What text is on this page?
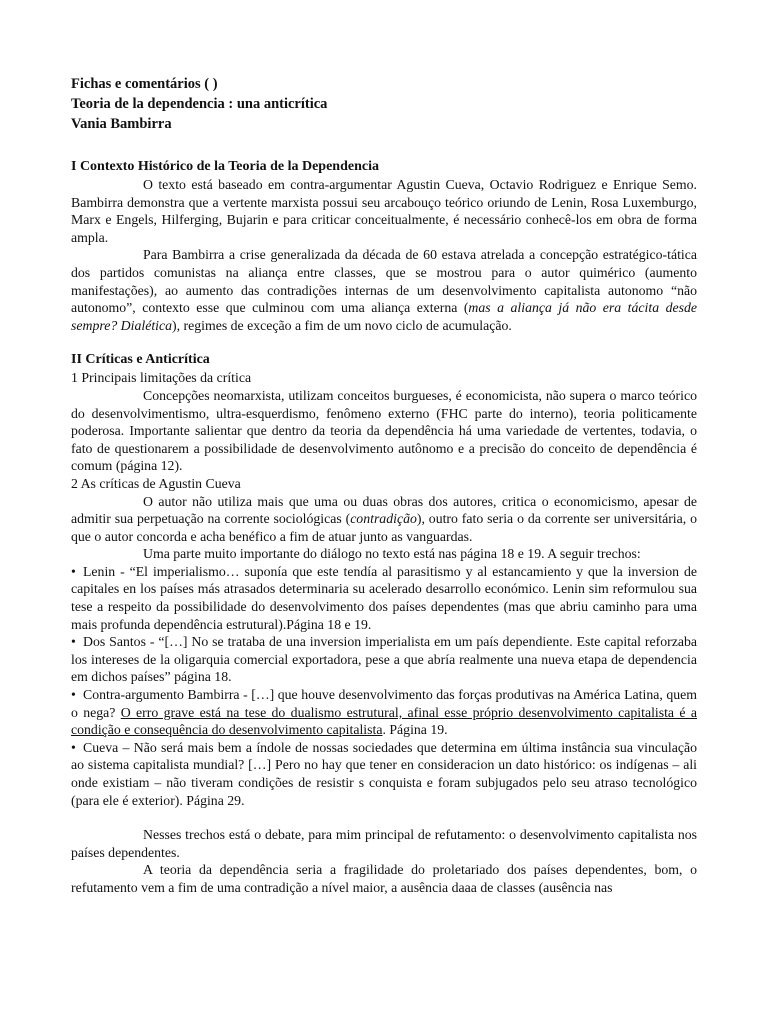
Fichas e comentários ( )
Teoria de la dependencia : una anticrítica
Vania Bambirra
I Contexto Histórico de la Teoria de la Dependencia

O texto está baseado em contra-argumentar Agustin Cueva, Octavio Rodriguez e Enrique Semo. Bambirra demonstra que a vertente marxista possui seu arcabouço teórico oriundo de Lenin, Rosa Luxemburgo, Marx e Engels, Hilferging, Bujarin e para criticar conceitualmente, é necessário conhecê-los em obra de forma ampla.

Para Bambirra a crise generalizada da década de 60 estava atrelada a concepção estratégico-tática dos partidos comunistas na aliança entre classes, que se mostrou para o autor quimérico (aumento manifestações), ao aumento das contradições internas de um desenvolvimento capitalista autonomo “não autonomo”, contexto esse que culminou com uma aliança externa (mas a aliança já não era tácita desde sempre? Dialética), regimes de exceção a fim de um novo ciclo de acumulação.

II Críticas e Anticrítica
1 Principais limitações da crítica

Concepções neomarxista, utilizam conceitos burgueses, é economicista, não supera o marco teórico do desenvolvimentismo, ultra-esquerdismo, fenômeno externo (FHC parte do interno), teoria politicamente poderosa. Importante salientar que dentro da teoria da dependência há uma variedade de vertentes, todavia, o fato de questionarem a possibilidade de desenvolvimento autônomo e a precisão do conceito de dependência é comum (página 12).

2 As críticas de Agustin Cueva

O autor não utiliza mais que uma ou duas obras dos autores, critica o economicismo, apesar de admitir sua perpetuação na corrente sociológicas (contradição), outro fato seria o da corrente ser universitária, o que o autor concorda e acha benéfico a fim de atuar junto as vanguardas.

Uma parte muito importante do diálogo no texto está nas página 18 e 19. A seguir trechos:

• Lenin - “El imperialismo… suponía que este tendía al parasitismo y al estancamiento y que la inversion de capitales en los países más atrasados determinaria su acelerado desarrollo económico. Lenin sim reformulou sua tese a respeito da possibilidade do desenvolvimento dos países dependentes (mas que abriu caminho para uma mais profunda dependência estrutural).Página 18 e 19.

• Dos Santos - “[…] No se trataba de una inversion imperialista em um país dependiente. Este capital reforzaba los intereses de la oligarquia comercial exportadora, pese a que abría realmente una nueva etapa de dependencia em dichos países” página 18.

• Contra-argumento Bambirra - […] que houve desenvolvimento das forças produtivas na América Latina, quem o nega? O erro grave está na tese do dualismo estrutural, afinal esse próprio desenvolvimento capitalista é a condição e consequência do desenvolvimento capitalista. Página 19.

• Cueva – Não será mais bem a índole de nossas sociedades que determina em última instância sua vinculação ao sistema capitalista mundial? […] Pero no hay que tener en consideracion un dato histórico: os indígenas – ali onde existiam – não tiveram condições de resistir s conquista e foram subjugados pelo seu atraso tecnológico (para ele é exterior). Página 29.

Nesses trechos está o debate, para mim principal de refutamento: o desenvolvimento capitalista nos países dependentes.

A teoria da dependência seria a fragilidade do proletariado dos países dependentes, bom, o refutamento vem a fim de uma contradição a nível maior, a ausência daaa de classes (ausência nas
